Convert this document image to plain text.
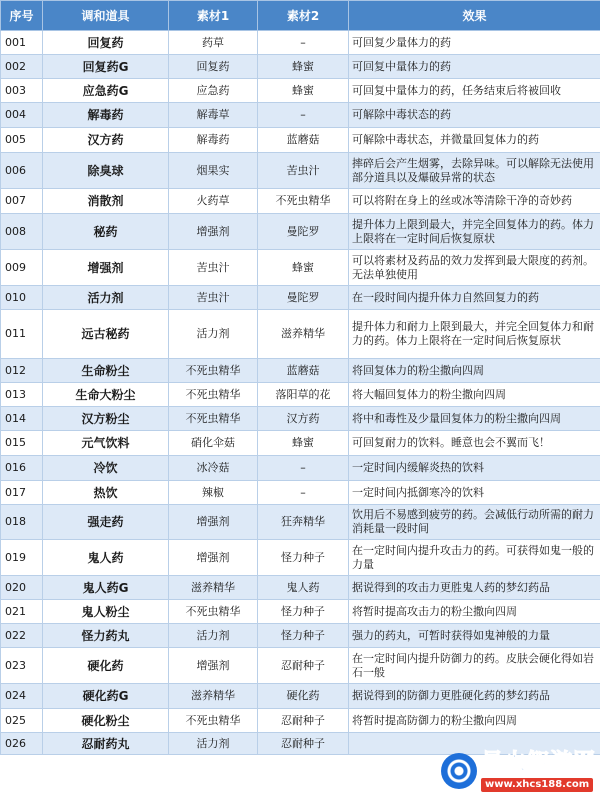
序号	调和道具	素材1	素材2	效果
001	回复药	药草	–	可回复少量体力的药
002	回复药G	回复药	蜂蜜	可回复中量体力的药
003	应急药G	应急药	蜂蜜	可回复中量体力的药，任务结束后将被回收
004	解毒药	解毒草	–	可解除中毒状态的药
005	汉方药	解毒药	蓝蘑菇	可解除中毒状态，并微量回复体力的药
006	除臭球	烟果实	苦虫汁	摔碎后会产生烟雾，去除异味。可以解除无法使用部分道具以及爆破异常的状态
007	消散剂	火药草	不死虫精华	可以将附在身上的丝或冰等清除干净的奇妙药
008	秘药	增强剂	曼陀罗	提升体力上限到最大，并完全回复体力的药。体力上限将在一定时间后恢复原状
009	增强剂	苦虫汁	蜂蜜	可以将素材及药品的效力发挥到最大限度的药剂。无法单独使用
010	活力剂	苦虫汁	曼陀罗	在一段时间内提升体力自然回复力的药
011	远古秘药	活力剂	滋养精华	提升体力和耐力上限到最大，并完全回复体力和耐力的药。体力上限将在一定时间后恢复原状
012	生命粉尘	不死虫精华	蓝蘑菇	将回复体力的粉尘撒向四周
013	生命大粉尘	不死虫精华	落阳草的花	将大幅回复体力的粉尘撒向四周
014	汉方粉尘	不死虫精华	汉方药	将中和毒性及少量回复体力的粉尘撒向四周
015	元气饮料	硝化伞菇	蜂蜜	可回复耐力的饮料。睡意也会不翼而飞！
016	冷饮	冰冷菇	–	一定时间内缓解炎热的饮料
017	热饮	辣椒	–	一定时间内抵御寒冷的饮料
018	强走药	增强剂	狂奔精华	饮用后不易感到疲劳的药。会减低行动所需的耐力消耗量一段时间
019	鬼人药	增强剂	怪力种子	在一定时间内提升攻击力的药。可获得如鬼一般的力量
020	鬼人药G	滋养精华	鬼人药	据说得到的攻击力更胜鬼人药的梦幻药品
021	鬼人粉尘	不死虫精华	怪力种子	将暂时提高攻击力的粉尘撒向四周
022	怪力药丸	活力剂	怪力种子	强力的药丸，可暂时获得如鬼神般的力量
023	硬化药	增强剂	忍耐种子	在一定时间内提升防御力的药。皮肤会硬化得如岩石一般
024	硬化药G	滋养精华	硬化药	据说得到的防御力更胜硬化药的梦幻药品
025	硬化粉尘	不死虫精华	忍耐种子	将暂时提高防御力的粉尘撒向四周
026	忍耐药丸	活力剂	忍耐种子	
星火智游网
www.xhcs188.com
